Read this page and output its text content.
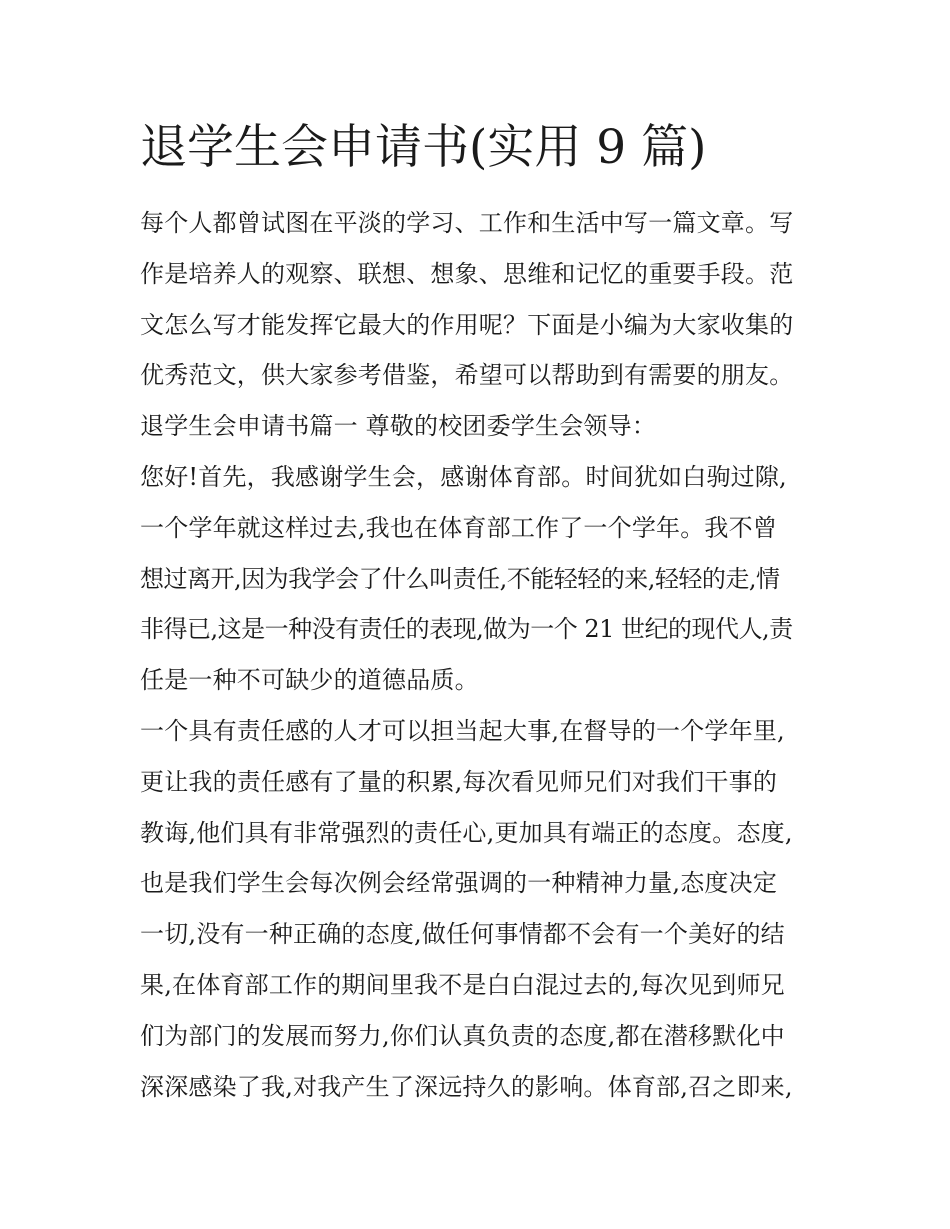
退学生会申请书(实用 9 篇)
每个人都曾试图在平淡的学习、工作和生活中写一篇文章。写
作是培养人的观察、联想、想象、思维和记忆的重要手段。范
文怎么写才能发挥它最大的作用呢？下面是小编为大家收集的
优秀范文，供大家参考借鉴，希望可以帮助到有需要的朋友。
退学生会申请书篇一 尊敬的校团委学生会领导：
您好!首先，我感谢学生会，感谢体育部。时间犹如白驹过隙,
一个学年就这样过去,我也在体育部工作了一个学年。我不曾
想过离开,因为我学会了什么叫责任,不能轻轻的来,轻轻的走,情
非得已,这是一种没有责任的表现,做为一个 21 世纪的现代人,责
任是一种不可缺少的道德品质。
一个具有责任感的人才可以担当起大事,在督导的一个学年里,
更让我的责任感有了量的积累,每次看见师兄们对我们干事的
教诲,他们具有非常强烈的责任心,更加具有端正的态度。态度,
也是我们学生会每次例会经常强调的一种精神力量,态度决定
一切,没有一种正确的态度,做任何事情都不会有一个美好的结
果,在体育部工作的期间里我不是白白混过去的,每次见到师兄
们为部门的发展而努力,你们认真负责的态度,都在潜移默化中
深深感染了我,对我产生了深远持久的影响。体育部,召之即来,
